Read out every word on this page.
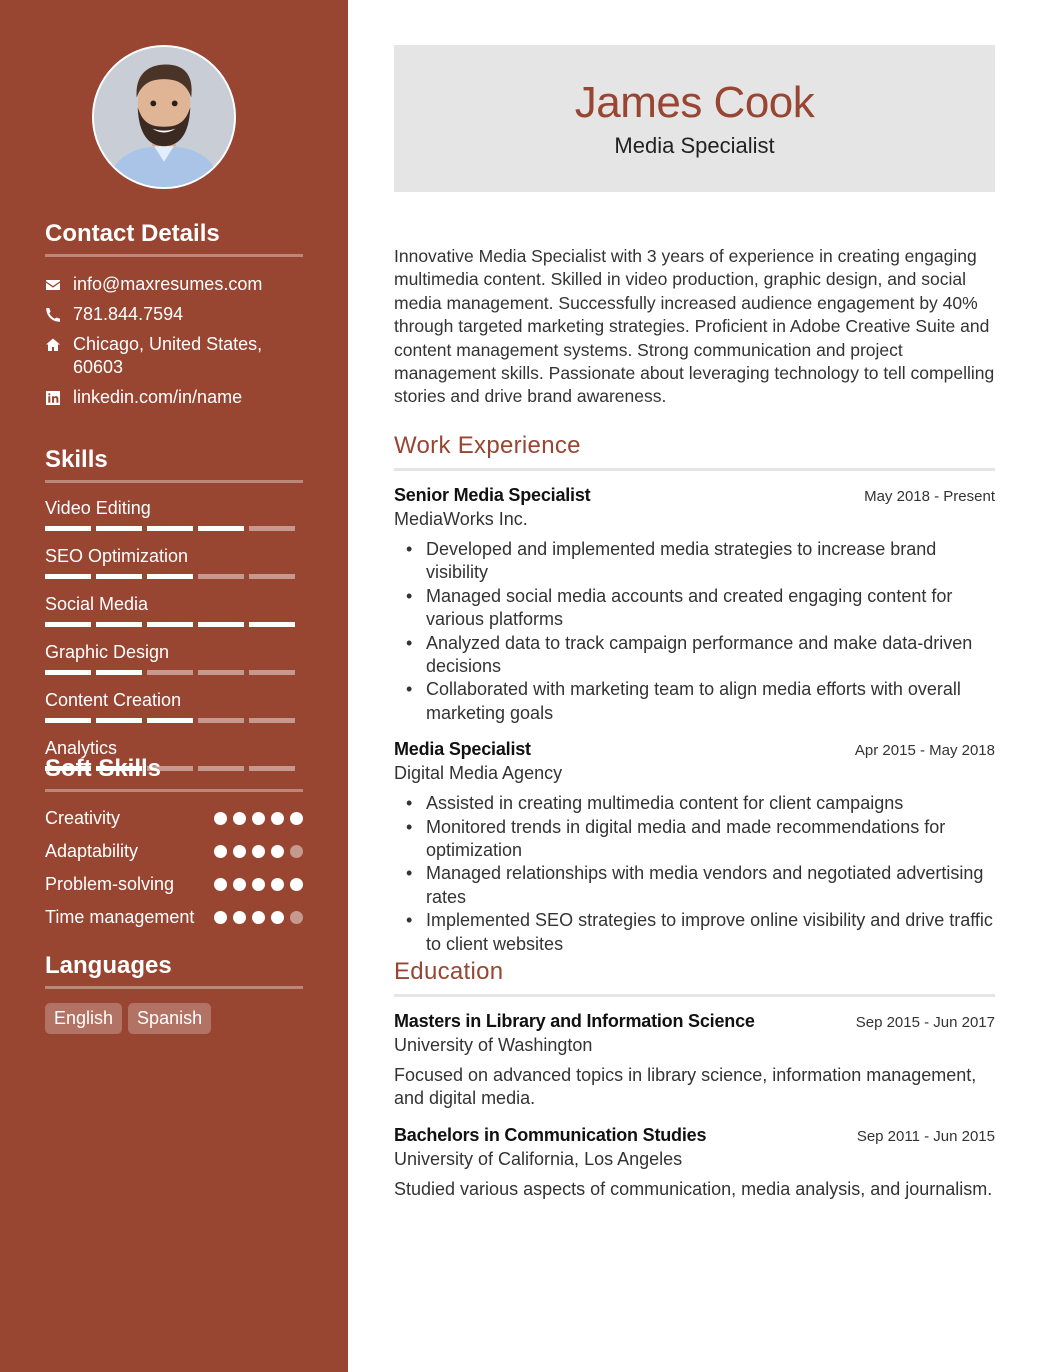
Contact Details
info@maxresumes.com
781.844.7594
Chicago, United States, 60603
linkedin.com/in/name
Skills
Video Editing
SEO Optimization
Social Media
Graphic Design
Content Creation
Analytics
Soft Skills
Creativity
Adaptability
Problem-solving
Time management
Languages
English	Spanish
James Cook
Media Specialist
Innovative Media Specialist with 3 years of experience in creating engaging multimedia content. Skilled in video production, graphic design, and social media management. Successfully increased audience engagement by 40% through targeted marketing strategies. Proficient in Adobe Creative Suite and content management systems. Strong communication and project management skills. Passionate about leveraging technology to tell compelling stories and drive brand awareness.
Work Experience
Senior Media Specialist	May 2018 - Present
MediaWorks Inc.
• Developed and implemented media strategies to increase brand visibility
• Managed social media accounts and created engaging content for various platforms
• Analyzed data to track campaign performance and make data-driven decisions
• Collaborated with marketing team to align media efforts with overall marketing goals
Media Specialist	Apr 2015 - May 2018
Digital Media Agency
• Assisted in creating multimedia content for client campaigns
• Monitored trends in digital media and made recommendations for optimization
• Managed relationships with media vendors and negotiated advertising rates
• Implemented SEO strategies to improve online visibility and drive traffic to client websites
Education
Masters in Library and Information Science	Sep 2015 - Jun 2017
University of Washington
Focused on advanced topics in library science, information management, and digital media.
Bachelors in Communication Studies	Sep 2011 - Jun 2015
University of California, Los Angeles
Studied various aspects of communication, media analysis, and journalism.
